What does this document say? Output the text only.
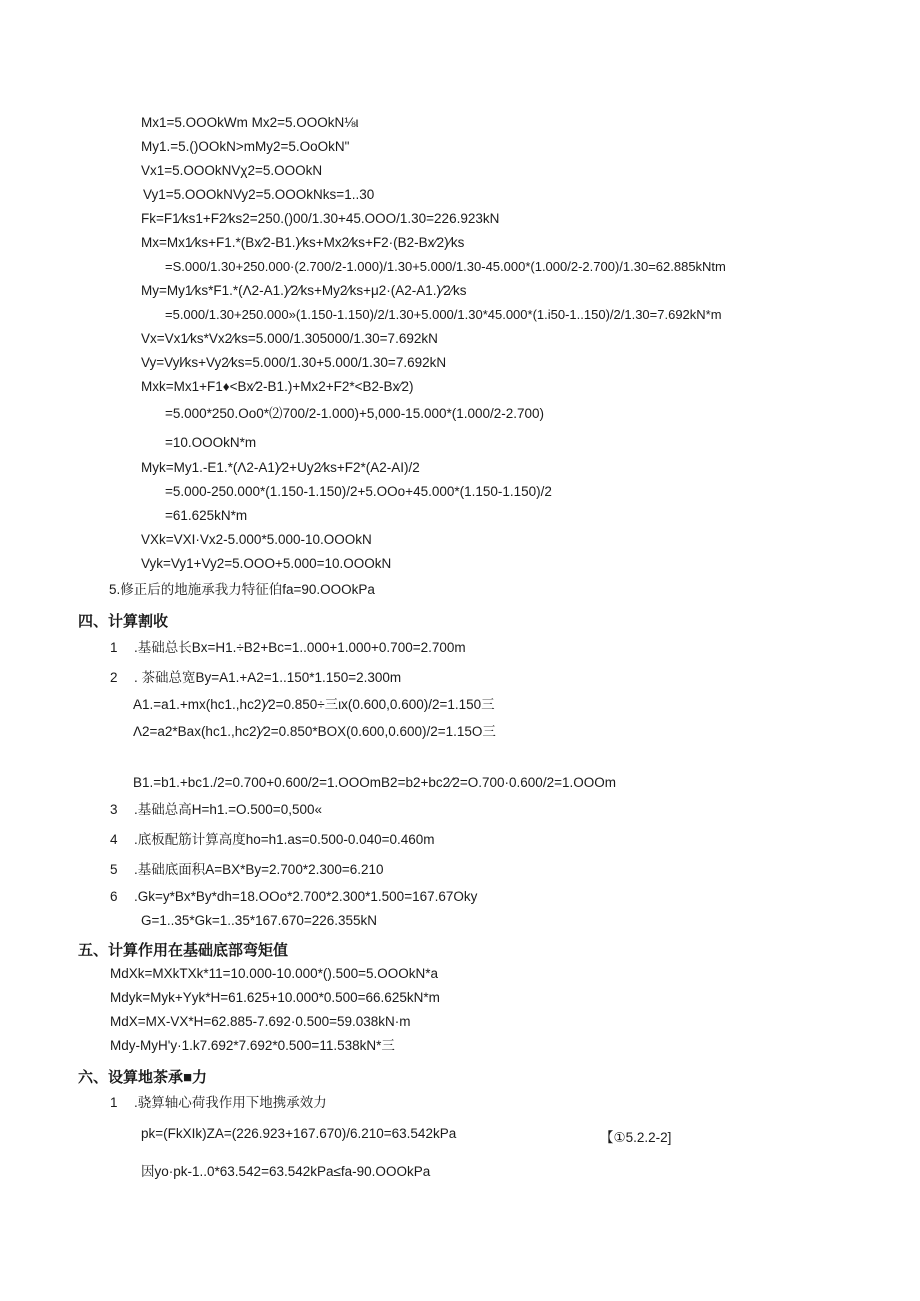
Mx1=5.OOOkWm Mx2=5.OOOkN⅛ι
My1.=5.()OOkN>mMy2=5.OoOkN"
Vx1=5.OOOkNVχ2=5.OOOkN
Vy1=5.OOOkNVy2=5.OOOkNks=1..30
Fk=F1⁄ks1+F2⁄ks2=250.()00/1.30+45.OOO/1.30=226.923kN
Mx=Mx1⁄ks+F1.*(Bx⁄2-B1.)⁄ks+Mx2⁄ks+F2·(B2-Bx⁄2)⁄ks
=S.000/1.30+250.000·(2.700/2-1.000)/1.30+5.000/1.30-45.000*(1.000/2-2.700)/1.30=62.885kNtm
My=My1⁄ks*F1.*(Λ2-A1.)⁄2⁄ks+My2⁄ks+μ2·(A2-A1.)⁄2⁄ks
=5.000/1.30+250.000»(1.150-1.150)/2/1.30+5.000/1.30*45.000*(1.i50-1..150)/2/1.30=7.692kN*m
Vx=Vx1⁄ks*Vx2⁄ks=5.000/1.305000/1.30=7.692kN
Vy=Vyl⁄ks+Vy2⁄ks=5.000/1.30+5.000/1.30=7.692kN
Mxk=Mx1+F1♦<Bx⁄2-B1.)+Mx2+F2*<B2-Bx⁄2)
=5.000*250.Oo0*⑵700/2-1.000)+5,000-15.000*(1.000/2-2.700)
=10.OOOkN*m
Myk=My1.-E1.*(Λ2-A1)⁄2+Uy2⁄ks+F2*(A2-AI)/2
=5.000-250.000*(1.150-1.150)/2+5.OOo+45.000*(1.150-1.150)/2
=61.625kN*m
VXk=VXI·Vx2-5.000*5.000-10.OOOkN
Vyk=Vy1+Vy2=5.OOO+5.000=10.OOOkN
5.修正后的地施承我力特征伯fa=90.OOOkPa
四、计算割收
1 .基础总长Bx=H1.÷B2+Bc=1..000+1.000+0.700=2.700m
2 . 茶础总宽By=A1.+A2=1..150*1.150=2.300m
A1.=a1.+mx(hc1.,hc2)⁄2=0.850÷三ιx(0.600,0.600)/2=1.150三
Λ2=a2*Bax(hc1.,hc2)⁄2=0.850*BOX(0.600,0.600)/2=1.15O三
B1.=b1.+bc1./2=0.700+0.600/2=1.OOOmB2=b2+bc2⁄2=O.700·0.600/2=1.OOOm
3 .基础总高H=h1.=O.500=0,500«
4 .底板配筋计算高度ho=h1.as=0.500-0.040=0.460m
5 .基础底面积A=BX*By=2.700*2.300=6.210
6 .Gk=y*Bx*By*dh=18.OOo*2.700*2.300*1.500=167.67Oky
G=1..35*Gk=1..35*167.670=226.355kN
五、计算作用在基础底部弯矩值
MdXk=MXkTXk*11=10.000-10.000*().500=5.OOOkN*a
Mdyk=Myk+Yyk*H=61.625+10.000*0.500=66.625kN*m
MdX=MX-VX*H=62.885-7.692·0.500=59.038kN·m
Mdy-MyH'y·1.k7.692*7.692*0.500=11.538kN*三
六、设算地茶承■力
1 .骁算轴心荷我作用下地携承效力
pk=(FkXIk)ZA=(226.923+167.670)/6.210=63.542kPa	【①5.2.2-2]
因yo·pk-1..0*63.542=63.542kPa≤fa-90.OOOkPa
